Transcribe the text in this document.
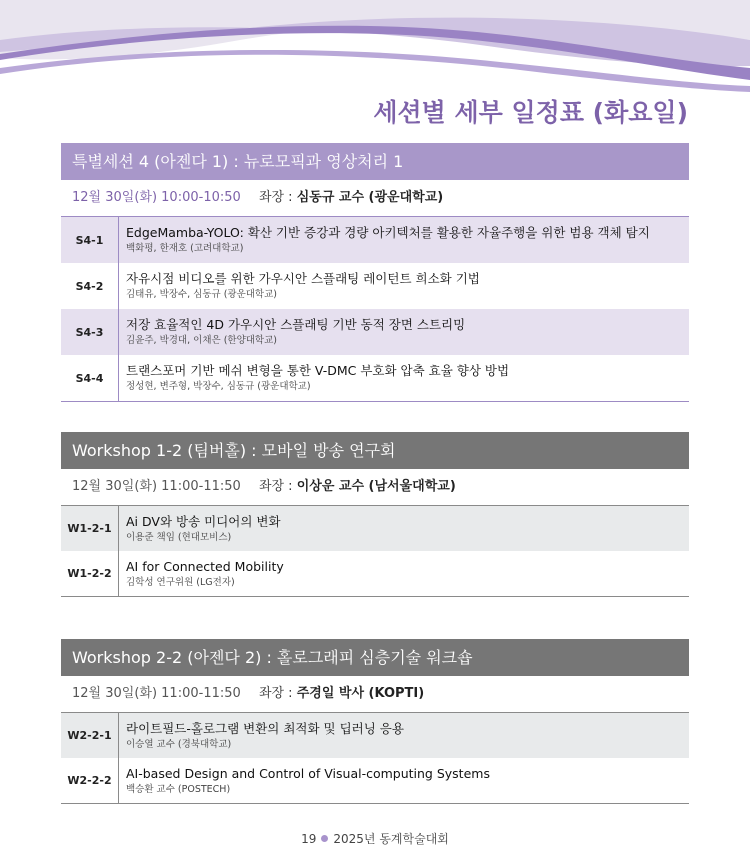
세션별 세부 일정표 (화요일)
특별세션 4 (아젠다 1) : 뉴로모픽과 영상처리 1
12월 30일(화) 10:00-10:50 좌장 : 심동규 교수 (광운대학교)
S4-1	EdgeMamba-YOLO: 확산 기반 증강과 경량 아키텍처를 활용한 자율주행을 위한 범용 객체 탐지
백화평, 한재호 (고려대학교)
S4-2	자유시점 비디오를 위한 가우시안 스플래팅 레이턴트 희소화 기법
김태유, 박장수, 심동규 (광운대학교)
S4-3	저장 효율적인 4D 가우시안 스플래팅 기반 동적 장면 스트리밍
김윤주, 박경대, 이채은 (한양대학교)
S4-4	트랜스포머 기반 메쉬 변형을 통한 V-DMC 부호화 압축 효율 향상 방법
정성현, 변주형, 박장수, 심동규 (광운대학교)
Workshop 1-2 (팀버홀) : 모바일 방송 연구회
12월 30일(화) 11:00-11:50 좌장 : 이상운 교수 (남서울대학교)
W1-2-1	Ai DV와 방송 미디어의 변화
이용준 책임 (현대모비스)
W1-2-2	AI for Connected Mobility
김학성 연구위원 (LG전자)
Workshop 2-2 (아젠다 2) : 홀로그래피 심층기술 워크숍
12월 30일(화) 11:00-11:50 좌장 : 주경일 박사 (KOPTI)
W2-2-1	라이트필드-홀로그램 변환의 최적화 및 딥러닝 응용
이승열 교수 (경북대학교)
W2-2-2	AI-based Design and Control of Visual-computing Systems
백승환 교수 (POSTECH)
19 2025년 동계학술대회
